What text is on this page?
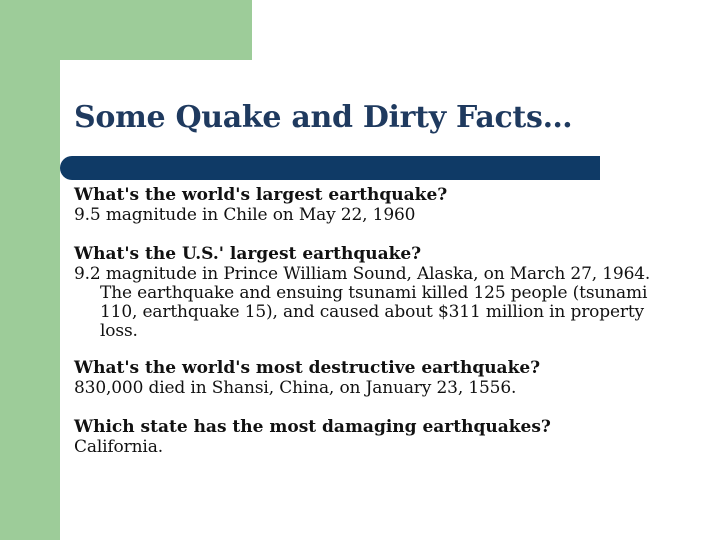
Some Quake and Dirty Facts…
What's the world's largest earthquake?
9.5 magnitude in Chile on May 22, 1960
What's the U.S.' largest earthquake?
9.2 magnitude in Prince William Sound, Alaska, on March 27, 1964. The earthquake and ensuing tsunami killed 125 people (tsunami 110, earthquake 15), and caused about $311 million in property loss.
What's the world's most destructive earthquake?
830,000 died in Shansi, China, on January 23, 1556.
Which state has the most damaging earthquakes?
California.
